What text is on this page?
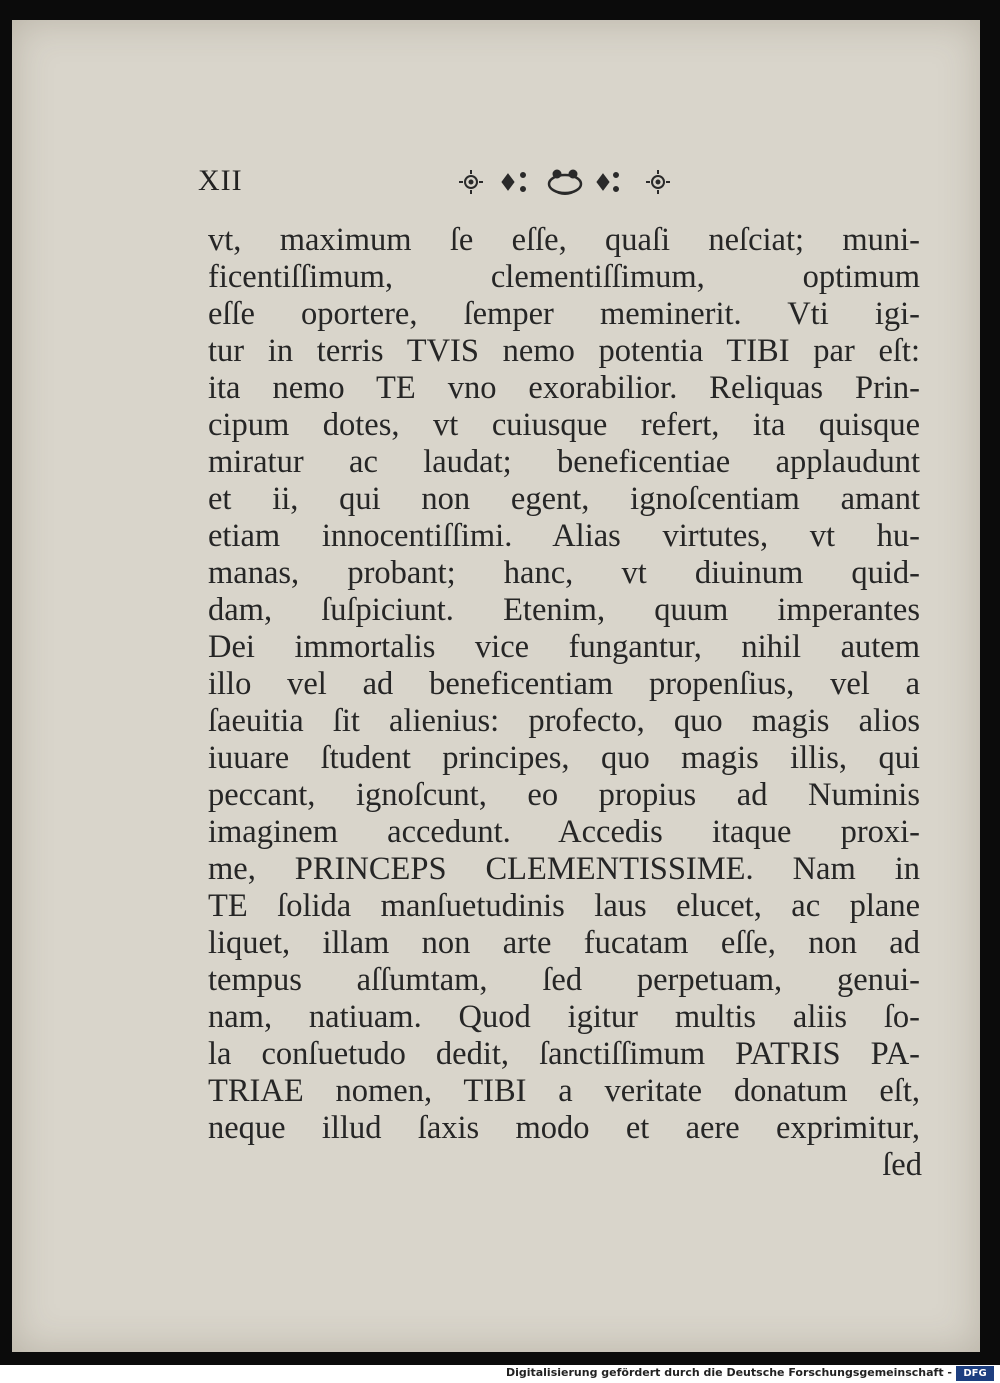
XII
vt, maximum ſe eſſe, quaſi neſciat; muni-
ficentiſſimum, clementiſſimum, optimum
eſſe oportere, ſemper meminerit. Vti igi-
tur in terris TVIS nemo potentia TIBI par eſt:
ita nemo TE vno exorabilior. Reliquas Prin-
cipum dotes, vt cuiusque refert, ita quisque
miratur ac laudat; beneficentiae applaudunt
et ii, qui non egent, ignoſcentiam amant
etiam innocentiſſimi. Alias virtutes, vt hu-
manas, probant; hanc, vt diuinum quid-
dam, ſuſpiciunt. Etenim, quum imperantes
Dei immortalis vice fungantur, nihil autem
illo vel ad beneficentiam propenſius, vel a
ſaeuitia ſit alienius: profecto, quo magis alios
iuuare ſtudent principes, quo magis illis, qui
peccant, ignoſcunt, eo propius ad Numinis
imaginem accedunt. Accedis itaque proxi-
me, PRINCEPS CLEMENTISSIME. Nam in
TE ſolida manſuetudinis laus elucet, ac plane
liquet, illam non arte fucatam eſſe, non ad
tempus aſſumtam, ſed perpetuam, genui-
nam, natiuam. Quod igitur multis aliis ſo-
la conſuetudo dedit, ſanctiſſimum PATRIS PA-
TRIAE nomen, TIBI a veritate donatum eſt,
neque illud ſaxis modo et aere exprimitur,
ſed
Digitalisierung gefördert durch die Deutsche Forschungsgemeinschaft -	DFG
